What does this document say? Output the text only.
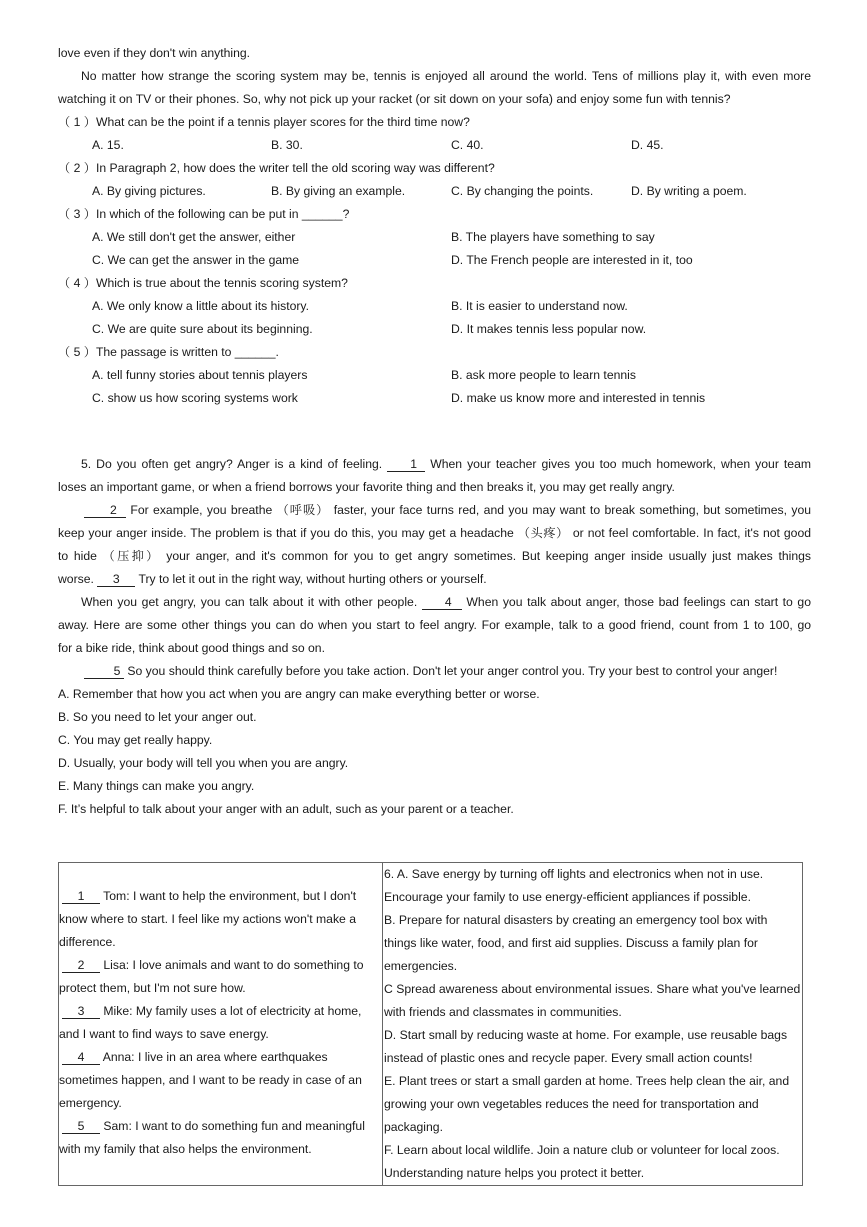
love even if they don't win anything.
No matter how strange the scoring system may be, tennis is enjoyed all around the world. Tens of millions play it, with even more
watching it on TV or their phones. So, why not pick up your racket (or sit down on your sofa) and enjoy some fun with tennis?
（ 1 ）What can be the point if a tennis player scores for the third time now?
A. 15.	B. 30.	C. 40.	D. 45.
（ 2 ）In Paragraph 2, how does the writer tell the old scoring way was different?
A. By giving pictures.	B. By giving an example.	C. By changing the points.	D. By writing a poem.
（ 3 ）In which of the following can be put in ______?
A. We still don't get the answer, either	B. The players have something to say
C. We can get the answer in the game	D. The French people are interested in it, too
（ 4 ）Which is true about the tennis scoring system?
A. We only know a little about its history.	B. It is easier to understand now.
C. We are quite sure about its beginning.	D. It makes tennis less popular now.
（ 5 ）The passage is written to ______.
A. tell funny stories about tennis players	B. ask more people to learn tennis
C. show us how scoring systems work	D. make us know more and interested in tennis
5. Do you often get angry? Anger is a kind of feeling. 1 When your teacher gives you too much homework, when your team
loses an important game, or when a friend borrows your favorite thing and then breaks it, you may get really angry.
2 For example, you breathe （呼吸） faster, your face turns red, and you may want to break something, but sometimes, you
keep your anger inside. The problem is that if you do this, you may get a headache （头疼） or not feel comfortable. In fact, it's not good
to hide （压抑） your anger, and it's common for you to get angry sometimes. But keeping anger inside usually just makes things
worse. 3 Try to let it out in the right way, without hurting others or yourself.
When you get angry, you can talk about it with other people. 4 When you talk about anger, those bad feelings can start to go
away. Here are some other things you can do when you start to feel angry. For example, talk to a good friend, count from 1 to 100, go
for a bike ride, think about good things and so on.
5 So you should think carefully before you take action. Don't let your anger control you. Try your best to control your anger!
A. Remember that how you act when you are angry can make everything better or worse.
B. So you need to let your anger out.
C. You may get really happy.
D. Usually, your body will tell you when you are angry.
E. Many things can make you angry.
F. It’s helpful to talk about your anger with an adult, such as your parent or a teacher.
1 Tom: I want to help the environment, but I don't
know where to start. I feel like my actions won't make a
difference.
2 Lisa: I love animals and want to do something to
protect them, but I'm not sure how.
3 Mike: My family uses a lot of electricity at home,
and I want to find ways to save energy.
4 Anna: I live in an area where earthquakes
sometimes happen, and I want to be ready in case of an
emergency.
5 Sam: I want to do something fun and meaningful
with my family that also helps the environment.

6. A. Save energy by turning off lights and electronics when not in use.
Encourage your family to use energy-efficient appliances if possible.
B. Prepare for natural disasters by creating an emergency tool box with
things like water, food, and first aid supplies. Discuss a family plan for
emergencies.
C Spread awareness about environmental issues. Share what you've learned
with friends and classmates in communities.
D. Start small by reducing waste at home. For example, use reusable bags
instead of plastic ones and recycle paper. Every small action counts!
E. Plant trees or start a small garden at home. Trees help clean the air, and
growing your own vegetables reduces the need for transportation and
packaging.
F. Learn about local wildlife. Join a nature club or volunteer for local zoos.
Understanding nature helps you protect it better.
